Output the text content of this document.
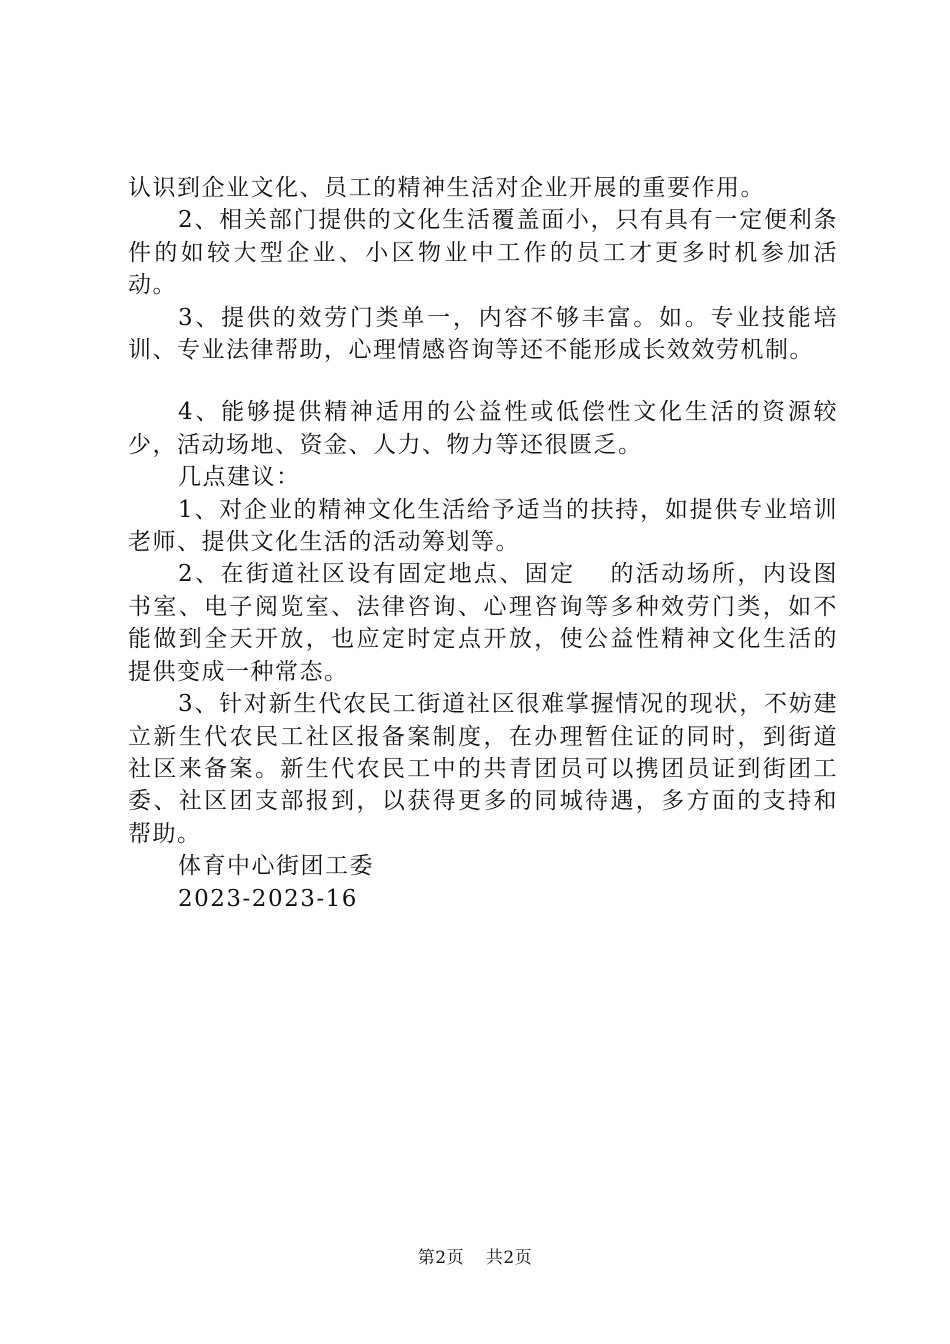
认识到企业文化、员工的精神生活对企业开展的重要作用。

2、相关部门提供的文化生活覆盖面小，只有具有一定便利条件的如较大型企业、小区物业中工作的员工才更多时机参加活动。

3、提供的效劳门类单一，内容不够丰富。如。专业技能培训、专业法律帮助，心理情感咨询等还不能形成长效效劳机制。

4、能够提供精神适用的公益性或低偿性文化生活的资源较少，活动场地、资金、人力、物力等还很匮乏。

几点建议：

1、对企业的精神文化生活给予适当的扶持，如提供专业培训老师、提供文化生活的活动筹划等。

2、在街道社区设有固定地点、固定　 的活动场所，内设图书室、电子阅览室、法律咨询、心理咨询等多种效劳门类，如不能做到全天开放，也应定时定点开放，使公益性精神文化生活的提供变成一种常态。

3、针对新生代农民工街道社区很难掌握情况的现状，不妨建立新生代农民工社区报备案制度，在办理暂住证的同时，到街道社区来备案。新生代农民工中的共青团员可以携团员证到街团工委、社区团支部报到，以获得更多的同城待遇，多方面的支持和帮助。

体育中心街团工委

2023-2023-16

第2页 共2页
